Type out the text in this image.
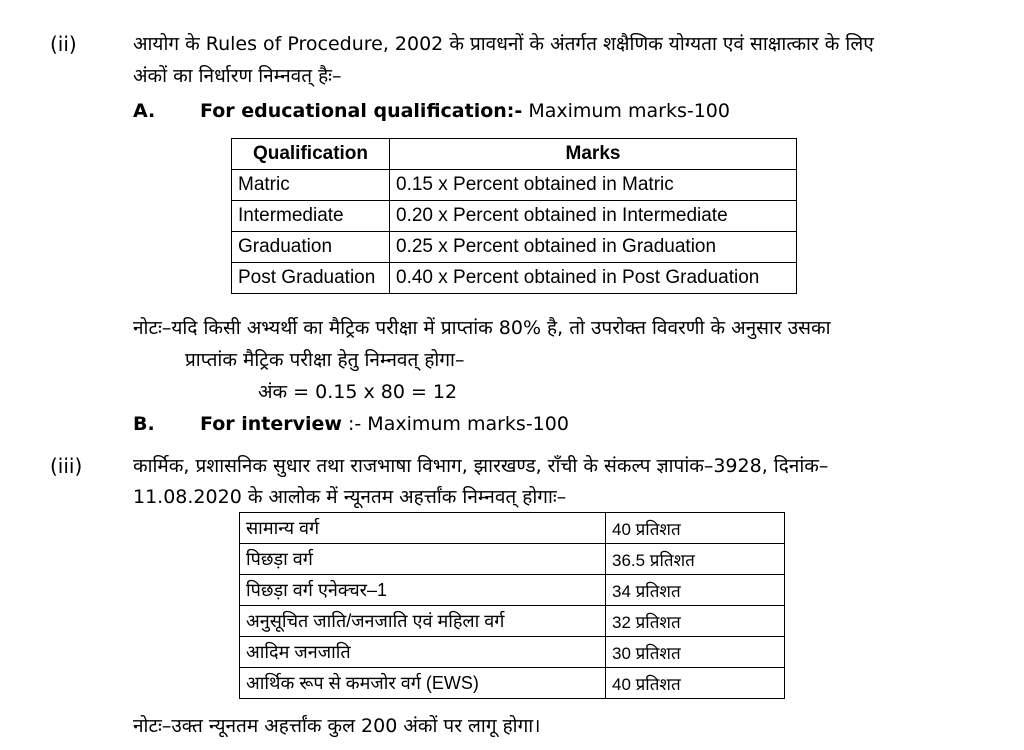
(ii)	आयोग के Rules of Procedure, 2002 के प्रावधनों के अंतर्गत शक्षैणिक योग्यता एवं साक्षात्कार के लिए
अंकों का निर्धारण निम्नवत् हैः–
A. For educational qualification:- Maximum marks-100
Qualification	Marks
Matric	0.15 x Percent obtained in Matric
Intermediate	0.20 x Percent obtained in Intermediate
Graduation	0.25 x Percent obtained in Graduation
Post Graduation	0.40 x Percent obtained in Post Graduation
नोटः–यदि किसी अभ्यर्थी का मैट्रिक परीक्षा में प्राप्तांक 80% है, तो उपरोक्त विवरणी के अनुसार उसका
प्राप्तांक मैट्रिक परीक्षा हेतु निम्नवत् होगा–
अंक = 0.15 x 80 = 12
B. For interview :- Maximum marks-100
(iii)	कार्मिक, प्रशासनिक सुधार तथा राजभाषा विभाग, झारखण्ड, राँची के संकल्प ज्ञापांक–3928, दिनांक–
11.08.2020 के आलोक में न्यूनतम अहर्त्तांक निम्नवत् होगाः–
सामान्य वर्ग	40 प्रतिशत
पिछड़ा वर्ग	36.5 प्रतिशत
पिछड़ा वर्ग एनेक्चर–1	34 प्रतिशत
अनुसूचित जाति/जनजाति एवं महिला वर्ग	32 प्रतिशत
आदिम जनजाति	30 प्रतिशत
आर्थिक रूप से कमजोर वर्ग (EWS)	40 प्रतिशत
नोटः–उक्त न्यूनतम अहर्त्तांक कुल 200 अंकों पर लागू होगा।
